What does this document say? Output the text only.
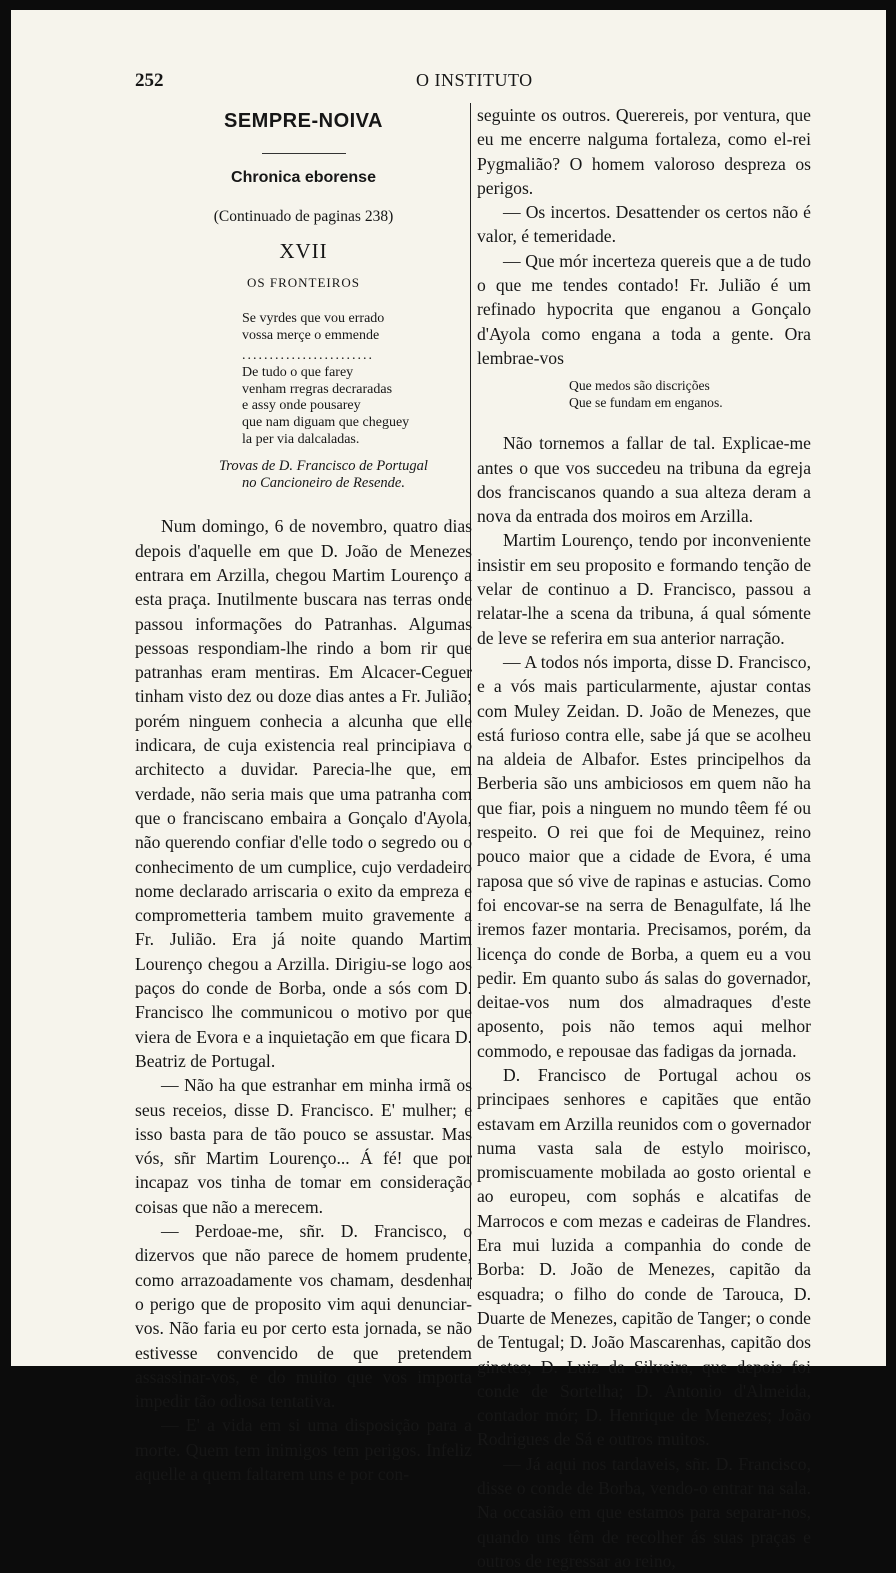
252	O INSTITUTO
SEMPRE-NOIVA
Chronica eborense
(Continuado de paginas 238)
XVII
OS FRONTEIROS
Se vyrdes que vou errado
vossa merçe o emmende
........................
De tudo o que farey
venham rregras decraradas
e assy onde pousarey
que nam diguam que cheguey
la per via dalcaladas.
Trovas de D. Francisco de Portugal
no Cancioneiro de Resende.

Num domingo, 6 de novembro, quatro dias depois d'aquelle em que D. João de Menezes entrara em Arzilla, chegou Martim Lourenço a esta praça. Inutilmente buscara nas terras onde passou informações do Patranhas. Algumas pessoas respondiam-lhe rindo a bom rir que patranhas eram mentiras. Em Alcacer-Ceguer tinham visto dez ou doze dias antes a Fr. Julião; porém ninguem conhecia a alcunha que elle indicara, de cuja existencia real principiava o architecto a duvidar. Parecia-lhe que, em verdade, não seria mais que uma patranha com que o franciscano embaira a Gonçalo d'Ayola, não querendo confiar d'elle todo o segredo ou o conhecimento de um cumplice, cujo verdadeiro nome declarado arriscaria o exito da empreza e comprometteria tambem muito gravemente a Fr. Julião. Era já noite quando Martim Lourenço chegou a Arzilla. Dirigiu-se logo aos paços do conde de Borba, onde a sós com D. Francisco lhe communicou o motivo por que viera de Evora e a inquietação em que ficara D. Beatriz de Portugal.

— Não ha que estranhar em minha irmã os seus receios, disse D. Francisco. E' mulher; e isso basta para de tão pouco se assustar. Mas vós, sñr Martim Lourenço... Á fé! que por incapaz vos tinha de tomar em consideração coisas que não a merecem.

— Perdoae-me, sñr. D. Francisco, o dizervos que não parece de homem prudente, como arrazoadamente vos chamam, desdenhar o perigo que de proposito vim aqui denunciar-vos. Não faria eu por certo esta jornada, se não estivesse convencido de que pretendem assassinar-vos, e do muito que vos importa impedir tão odiosa tentativa.

— E' a vida em si uma disposição para a morte. Quem tem inimigos tem perigos. Infeliz aquelle a quem faltarem uns e por con-

seguinte os outros. Querereis, por ventura, que eu me encerre nalguma fortaleza, como el-rei Pygmalião? O homem valoroso despreza os perigos.

— Os incertos. Desattender os certos não é valor, é temeridade.

— Que mór incerteza quereis que a de tudo o que me tendes contado! Fr. Julião é um refinado hypocrita que enganou a Gonçalo d'Ayola como engana a toda a gente. Ora lembrae-vos

Que medos são discrições
Que se fundam em enganos.

Não tornemos a fallar de tal. Explicae-me antes o que vos succedeu na tribuna da egreja dos franciscanos quando a sua alteza deram a nova da entrada dos moiros em Arzilla.

Martim Lourenço, tendo por inconveniente insistir em seu proposito e formando tenção de velar de continuo a D. Francisco, passou a relatar-lhe a scena da tribuna, á qual sómente de leve se referira em sua anterior narração.

— A todos nós importa, disse D. Francisco, e a vós mais particularmente, ajustar contas com Muley Zeidan. D. João de Menezes, que está furioso contra elle, sabe já que se acolheu na aldeia de Albafor. Estes principelhos da Berberia são uns ambiciosos em quem não ha que fiar, pois a ninguem no mundo têem fé ou respeito. O rei que foi de Mequinez, reino pouco maior que a cidade de Evora, é uma raposa que só vive de rapinas e astucias. Como foi encovar-se na serra de Benagulfate, lá lhe iremos fazer montaria. Precisamos, porém, da licença do conde de Borba, a quem eu a vou pedir. Em quanto subo ás salas do governador, deitae-vos num dos almadraques d'este aposento, pois não temos aqui melhor commodo, e repousae das fadigas da jornada.

D. Francisco de Portugal achou os principaes senhores e capitães que então estavam em Arzilla reunidos com o governador numa vasta sala de estylo moirisco, promiscuamente mobilada ao gosto oriental e ao europeu, com sophás e alcatifas de Marrocos e com mezas e cadeiras de Flandres. Era mui luzida a companhia do conde de Borba: D. João de Menezes, capitão da esquadra; o filho do conde de Tarouca, D. Duarte de Menezes, capitão de Tanger; o conde de Tentugal; D. João Mascarenhas, capitão dos ginetes; D. Luiz da Silveira, que depois foi conde de Sortelha; D. Antonio d'Almeida, contador mór; D. Henrique de Menezes; João Rodrigues de Sá e outros muitos.

— Já aqui nos tardaveis, sñr. D. Francisco, disse o conde de Borba, vendo-o entrar na sala. Na occasião em que estamos para separar-nos, quando uns têm de recolher ás suas praças e outros de regressar ao reino,
